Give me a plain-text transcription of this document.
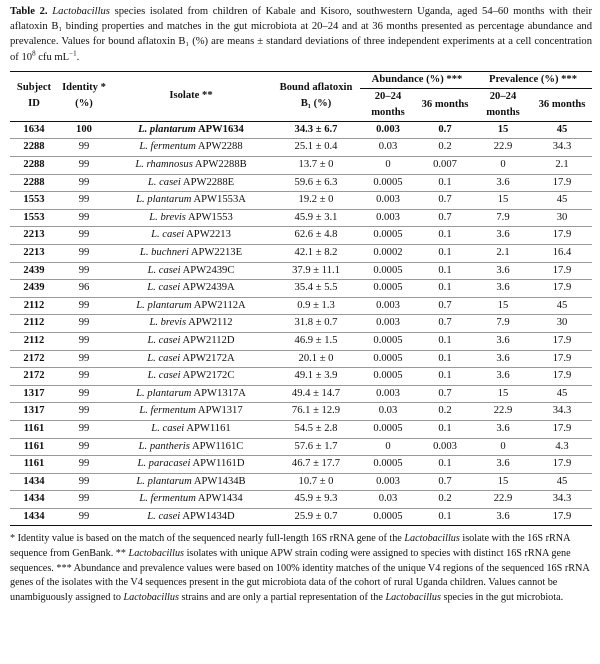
Table 2. Lactobacillus species isolated from children of Kabale and Kisoro, southwestern Uganda, aged 54–60 months with their aflatoxin B₁ binding properties and matches in the gut microbiota at 20–24 and at 36 months presented as percentage abundance and prevalence. Values for bound aflatoxin B₁ (%) are means ± standard deviations of three independent experiments at a cell concentration of $10^8$ cfu $mL^{-1}$.

Subject ID	Identity * (%)	Isolate **	Bound aflatoxin B₁ (%)	Abundance (%) ***		Prevalence (%) ***	
				20–24 months	36 months	20–24 months	36 months

1634	100	L. plantarum APW1634	34.3 ± 6.7	0.003	0.7	15	45
2288	99	L. fermentum APW2288	25.1 ± 0.4	0.03	0.2	22.9	34.3
2288	99	L. rhamnosus APW2288B	13.7 ± 0	0	0.007	0	2.1
2288	99	L. casei APW2288E	59.6 ± 6.3	0.0005	0.1	3.6	17.9
1553	99	L. plantarum APW1553A	19.2 ± 0	0.003	0.7	15	45
1553	99	L. brevis APW1553	45.9 ± 3.1	0.003	0.7	7.9	30
2213	99	L. casei APW2213	62.6 ± 4.8	0.0005	0.1	3.6	17.9
2213	99	L. buchneri APW2213E	42.1 ± 8.2	0.0002	0.1	2.1	16.4
2439	99	L. casei APW2439C	37.9 ± 11.1	0.0005	0.1	3.6	17.9
2439	96	L. casei APW2439A	35.4 ± 5.5	0.0005	0.1	3.6	17.9
2112	99	L. plantarum APW2112A	0.9 ± 1.3	0.003	0.7	15	45
2112	99	L. brevis APW2112	31.8 ± 0.7	0.003	0.7	7.9	30
2112	99	L. casei APW2112D	46.9 ± 1.5	0.0005	0.1	3.6	17.9
2172	99	L. casei APW2172A	20.1 ± 0	0.0005	0.1	3.6	17.9
2172	99	L. casei APW2172C	49.1 ± 3.9	0.0005	0.1	3.6	17.9
1317	99	L. plantarum APW1317A	49.4 ± 14.7	0.003	0.7	15	45
1317	99	L. fermentum APW1317	76.1 ± 12.9	0.03	0.2	22.9	34.3
1161	99	L. casei APW1161	54.5 ± 2.8	0.0005	0.1	3.6	17.9
1161	99	L. pantheris APW1161C	57.6 ± 1.7	0	0.003	0	4.3
1161	99	L. paracasei APW1161D	46.7 ± 17.7	0.0005	0.1	3.6	17.9
1434	99	L. plantarum APW1434B	10.7 ± 0	0.003	0.7	15	45
1434	99	L. fermentum APW1434	45.9 ± 9.3	0.03	0.2	22.9	34.3
1434	99	L. casei APW1434D	25.9 ± 0.7	0.0005	0.1	3.6	17.9

* Identity value is based on the match of the sequenced nearly full-length 16S rRNA gene of the Lactobacillus isolate with the 16S rRNA sequence from GenBank. ** Lactobacillus isolates with unique APW strain coding were assigned to species with distinct 16S rRNA gene sequences. *** Abundance and prevalence values were based on 100% identity matches of the unique V4 regions of the sequenced 16S rRNA genes of the isolates with the V4 sequences present in the gut microbiota data of the cohort of rural Uganda children. Values cannot be unambiguously assigned to Lactobacillus strains and are only a partial representation of the Lactobacillus species in the gut microbiota.
